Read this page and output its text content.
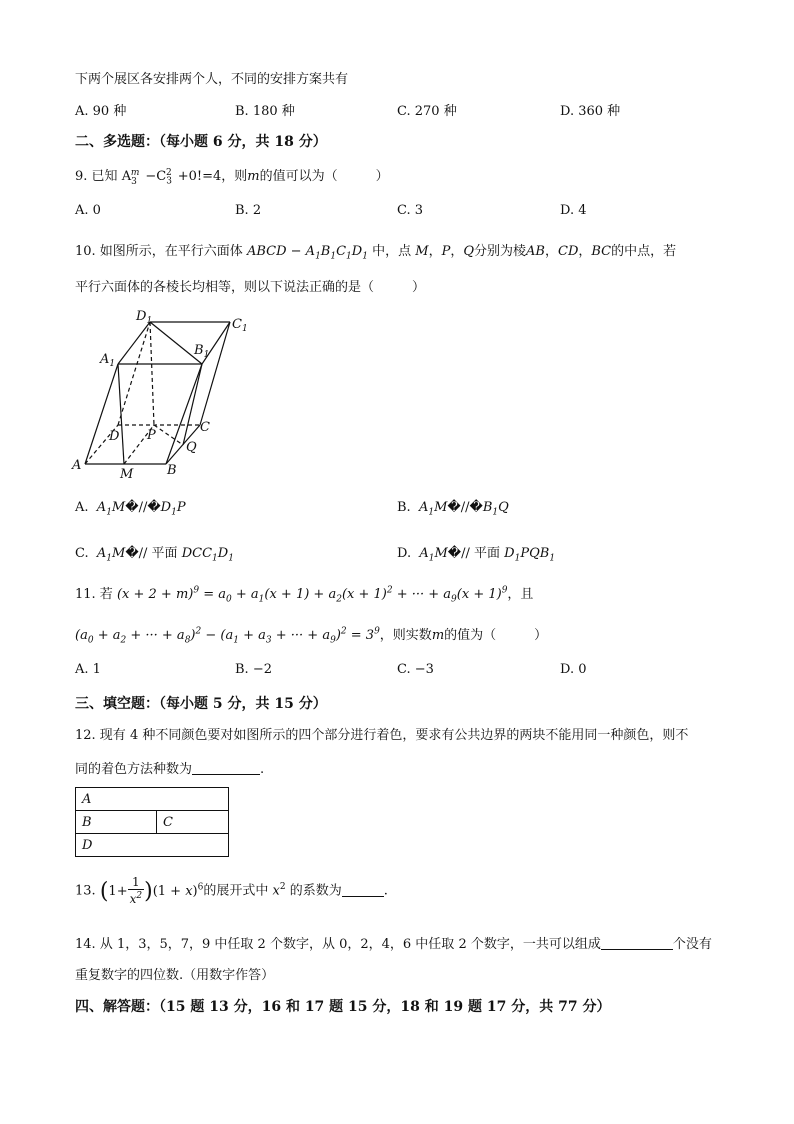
下两个展区各安排两个人，不同的安排方案共有
A. 90 种	B. 180 种	C. 270 种	D. 360 种
二、多选题：（每小题 6 分，共 18 分）
9. 已知 $A_3^m -C_3^2 +0!=4$，则m的值可以为（	）
A. 0	B. 2	C. 3	D. 4
10. 如图所示，在平行六面体 ABCD − $A_1B_1C_1D_1$ 中，点 M，P，Q分别为棱AB，CD，BC的中点，若
平行六面体的各棱长均相等，则以下说法正确的是（	）
$D_1$	$C_1$
$A_1$
$B_1$
D P
C
Q
A
M	B
A. $A_1M�//�D_1P$	B. $A_1M�//�B_1Q$
C. $A_1M�//$ 平面 $DCC_1D_1$	D. $A_1M�//$ 平面 $D_1PQB_1$
11. 若 $(x + 2 + m)^9 = a_0 + a_1(x + 1) + a_2(x + 1)^2$ + ··· + $a_9(x + 1)^9$，且
($a_0 + a_2$ + ··· + $a_8)^2 - (a_1 + a_3$ + ··· + $a_9)^2 = 3^9$，则实数m的值为（	）
A. 1	B. −2	C. −3	D. 0
三、填空题：（每小题 5 分，共 15 分）
12. 现有 4 种不同颜色要对如图所示的四个部分进行着色，要求有公共边界的两块不能用同一种颜色，则不
同的着色方法种数为	.
A
B	C
D
13. $(1+ \frac{1}{x^2} )(1 + x)^6$的展开式中 $x^2$ 的系数为	.
14. 从 1，3，5，7，9 中任取 2 个数字，从 0，2，4，6 中任取 2 个数字，一共可以组成	个没有
重复数字的四位数.（用数字作答）
四、解答题：（15 题 13 分，16 和 17 题 15 分，18 和 19 题 17 分，共 77 分）
